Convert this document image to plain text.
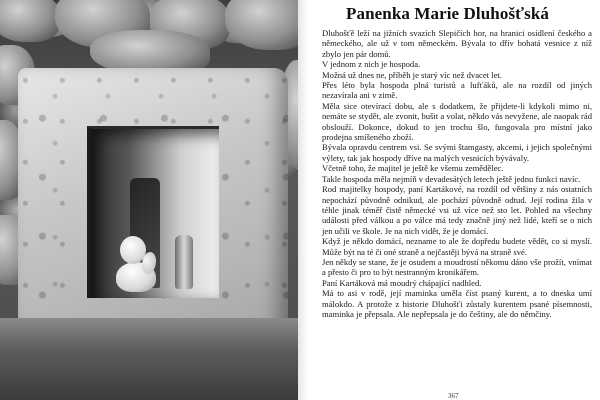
Panenka Marie Dluhošťská

Dluhošťě leží na jižních svazích Slepičích hor, na hranici osídlení českého a německého, ale už v tom německém. Bývala to dřív bohatá vesnice z níž zbylo jen pár domů.

V jednom z nich je hospoda.

Možná už dnes ne, příběh je starý víc než dvacet let.

Přes léto byla hospoda plná turistů a lufťáků, ale na rozdíl od jiných nezavírala ani v zimě.

Měla sice otevírací dobu, ale s dodatkem, že přijdete-li kdykoli mimo ni, nemáte se stydět, ale zvonit, bušit a volat, někdo vás nevyžene, ale naopak rád obslouží. Dokonce, dokud to jen trochu šlo, fungovala pro místní jako prodejna smíšeného zboží.

Bývala opravdu centrem vsi. Se svými štamgasty, akcemi, i jejich společnými výlety, tak jak hospody dříve na malých vesnicích bývávaly.

Včetně toho, že majitel je ještě ke všemu zemědělec.

Takle hospoda měla nejmíň v devadesátých letech ještě jednu funkci navíc.

Rod majitelky hospody, paní Kartákové, na rozdíl od většiny z nás ostatních nepochází původně odnikud, ale pochází původně odtud. Její rodina žila v téhle jinak téměř čistě německé vsi už více než sto let. Pohled na všechny události před válkou a po válce má tedy značně jiný než lidé, kteří se o nich jen učili ve škole. Je na nich vidět, že je domácí.

Když je někdo domácí, nezname to ale že dopředu budete vědět, co si myslí. Může být na té či oné straně a nejčastěji bývá na straně své.

Jen někdy se stane, že je osudem a moudrostí někomu dáno vše prožít, vnímat a přesto či pro to být nestranným kronikářem.

Paní Kartáková má moudrý chápající nadhled.

Má to asi v rodě, její maminka uměla číst psaný kurent, a to dneska umí málokdo. A protože z historie Dluhošťi zůstaly kurentem psané písemnosti, maminka je přepsala. Ale nepřepsala je do češtiny, ale do němčiny.

367
